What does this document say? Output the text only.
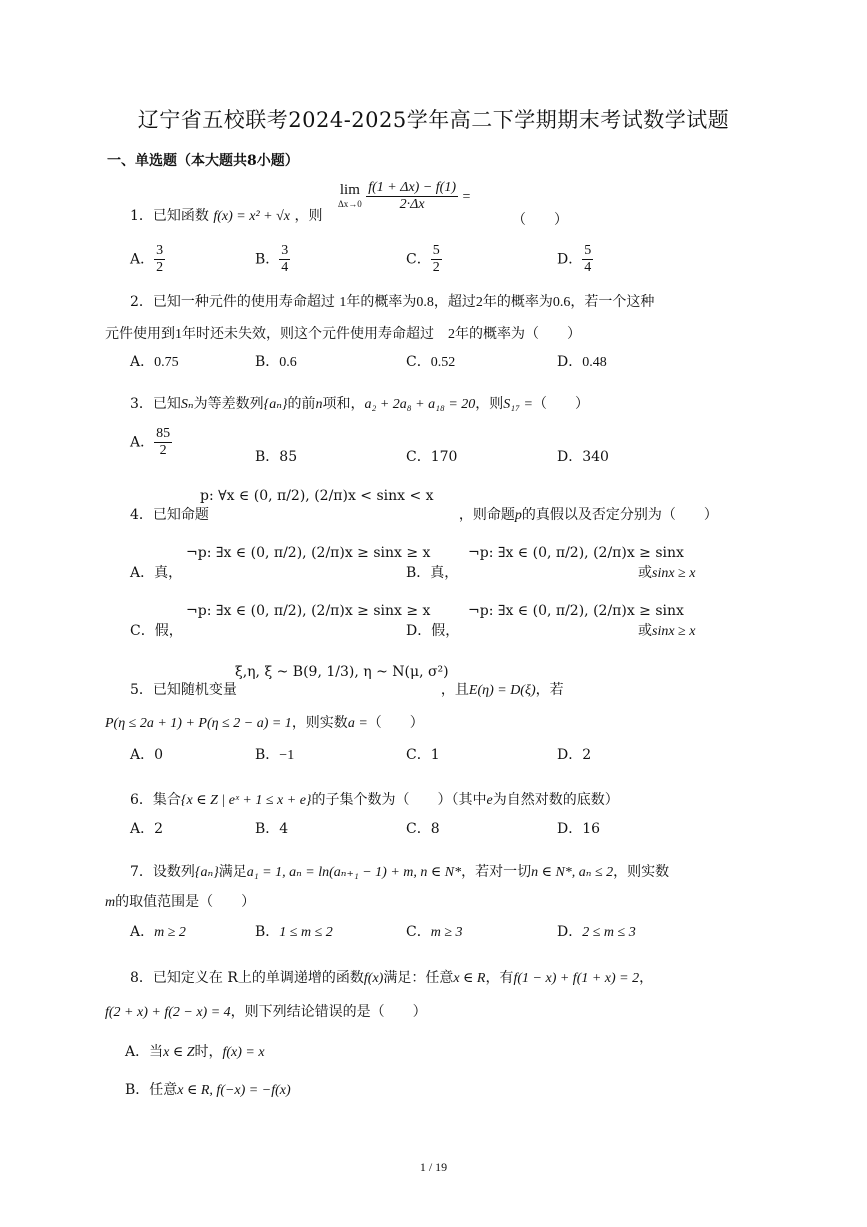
辽宁省五校联考2024-2025学年高二下学期期末考试数学试题
一、单选题（本大题共8小题）
1．已知函数 f(x) = x² + √x ，则
lim
Δx→0
$\frac{f(1 + \Delta x) - f(1)}{2\cdot\Delta x}$ =
（　　）
A． $\frac{3}{2}$	B． $\frac{3}{4}$	C． $\frac{5}{2}$	D． $\frac{5}{4}$
2．已知一种元件的使用寿命超过 1年的概率为0.8，超过2年的概率为0.6，若一个这种
元件使用到1年时还未失效，则这个元件使用寿命超过　 2年的概率为（　　）
A．0.75	B．0.6	C．0.52	D．0.48
3．已知Sₙ为等差数列{aₙ}的前n项和，a₂ + 2a₈ + a₁₈ = 20，则S₁₇ =（　　）
A． $\frac{85}{2}$	B．85	C．170	D．340
p: ∀x ∈ (0, π/2), (2/π)x < sinx < x
4．已知命题	，则命题p的真假以及否定分别为（　　）
A．真，
¬p: ∃x ∈ (0, π/2), (2/π)x ≥ sinx ≥ x
B．真，
¬p: ∃x ∈ (0, π/2), (2/π)x ≥ sinx
或sinx ≥ x
C．假，
¬p: ∃x ∈ (0, π/2), (2/π)x ≥ sinx ≥ x
D．假，
¬p: ∃x ∈ (0, π/2), (2/π)x ≥ sinx
或sinx ≥ x
ξ,η, ξ ~ B(9, 1/3), η ~ N(μ, σ²)
5．已知随机变量	，且E(η) = D(ξ)，若
P(η ≤ 2a + 1) + P(η ≤ 2 − a) = 1，则实数a =（　　）
A．0	B．−1	C．1	D．2
6．集合{x ∈ Z | eˣ + 1 ≤ x + e}的子集个数为（　　）（其中e为自然对数的底数）
A．2	B．4	C．8	D．16
7．设数列{aₙ}满足a₁ = 1, aₙ = ln(aₙ₊₁ − 1) + m, n ∈ N*，若对一切n ∈ N*, aₙ ≤ 2，则实数
m的取值范围是（　　）
A．m ≥ 2	B．1 ≤ m ≤ 2	C．m ≥ 3	D．2 ≤ m ≤ 3
8．已知定义在 R上的单调递增的函数f(x)满足：任意x ∈ R，有f(1 − x) + f(1 + x) = 2，
f(2 + x) + f(2 − x) = 4，则下列结论错误的是（　　）
A．当x ∈ Z时，f(x) = x
B．任意x ∈ R, f(−x) = −f(x)
1 / 19
